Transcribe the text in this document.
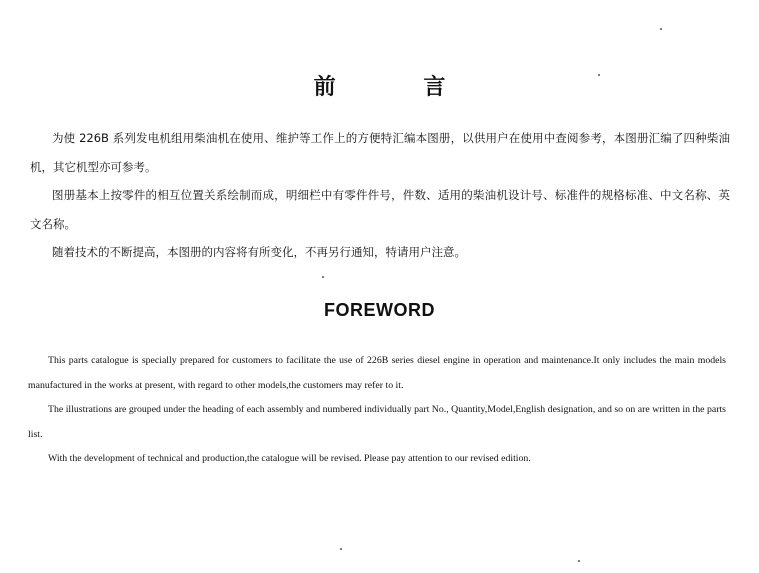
前 言

为使 226B 系列发电机组用柴油机在使用、维护等工作上的方便特汇编本图册，以供用户在使用中查阅参考，本图册汇编了四种柴油机，其它机型亦可参考。

图册基本上按零件的相互位置关系绘制而成，明细栏中有零件件号，件数、适用的柴油机设计号、标准件的规格标准、中文名称、英文名称。

随着技术的不断提高，本图册的内容将有所变化，不再另行通知，特请用户注意。

FOREWORD

This parts catalogue is specially prepared for customers to facilitate the use of 226B series diesel engine in operation and maintenance.It only includes the main models manufactured in the works at present, with regard to other models,the customers may refer to it.

The illustrations are grouped under the heading of each assembly and numbered individually part No., Quantity,Model,English designation, and so on are written in the parts list.

With the development of technical and production,the catalogue will be revised. Please pay attention to our revised edition.
